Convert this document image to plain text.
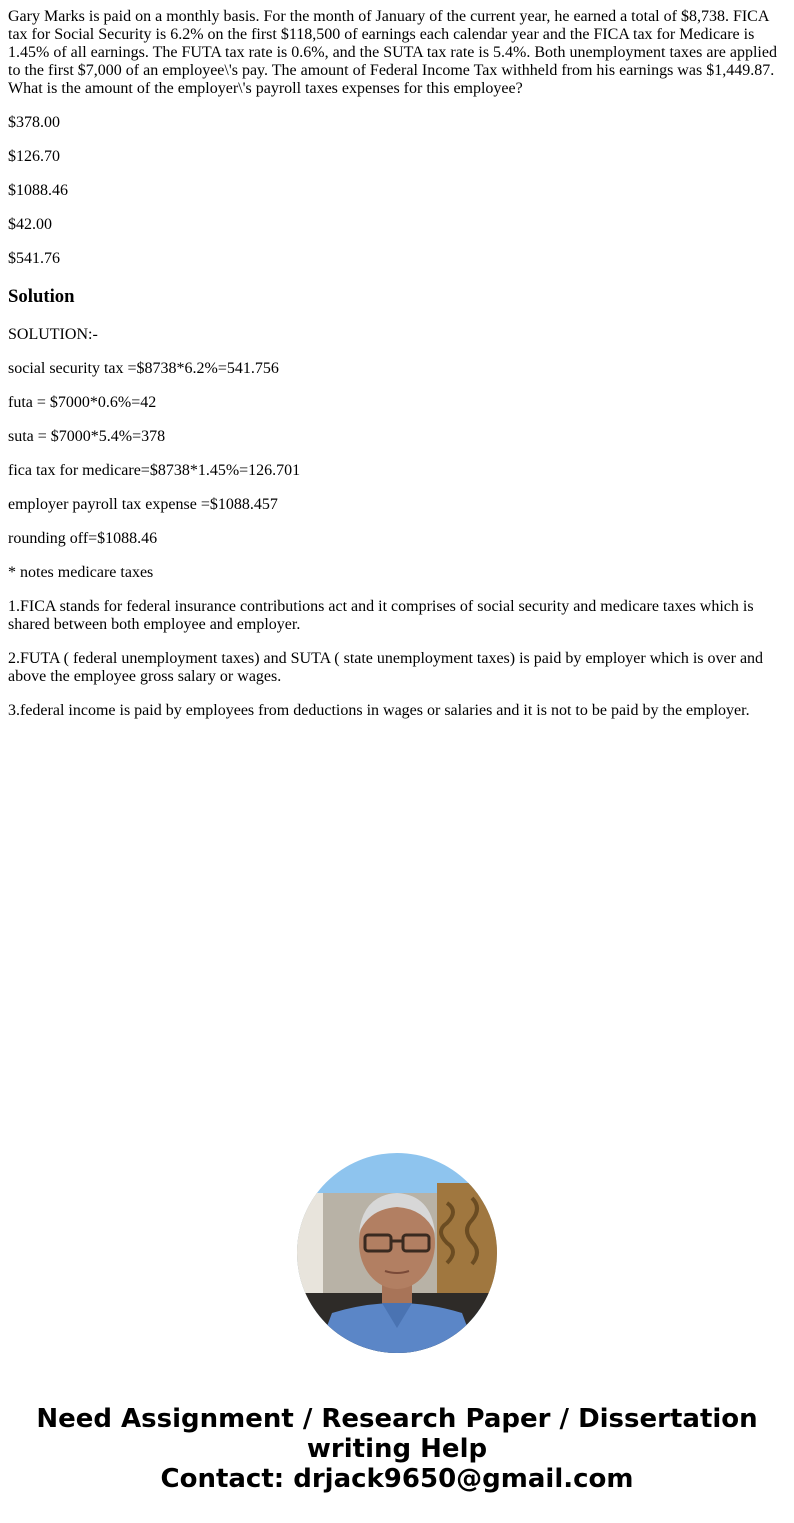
Gary Marks is paid on a monthly basis. For the month of January of the current year, he earned a total of $8,738. FICA tax for Social Security is 6.2% on the first $118,500 of earnings each calendar year and the FICA tax for Medicare is 1.45% of all earnings. The FUTA tax rate is 0.6%, and the SUTA tax rate is 5.4%. Both unemployment taxes are applied to the first $7,000 of an employee\'s pay. The amount of Federal Income Tax withheld from his earnings was $1,449.87. What is the amount of the employer\'s payroll taxes expenses for this employee?

$378.00

$126.70

$1088.46

$42.00

$541.76

Solution

SOLUTION:-

social security tax =$8738*6.2%=541.756

futa = $7000*0.6%=42

suta = $7000*5.4%=378

fica tax for medicare=$8738*1.45%=126.701

employer payroll tax expense =$1088.457

rounding off=$1088.46

* notes medicare taxes

1.FICA stands for federal insurance contributions act and it comprises of social security and medicare taxes which is shared between both employee and employer.

2.FUTA ( federal unemployment taxes) and SUTA ( state unemployment taxes) is paid by employer which is over and above the employee gross salary or wages.

3.federal income is paid by employees from deductions in wages or salaries and it is not to be paid by the employer.

Need Assignment / Research Paper / Dissertation
writing Help
Contact: drjack9650@gmail.com
